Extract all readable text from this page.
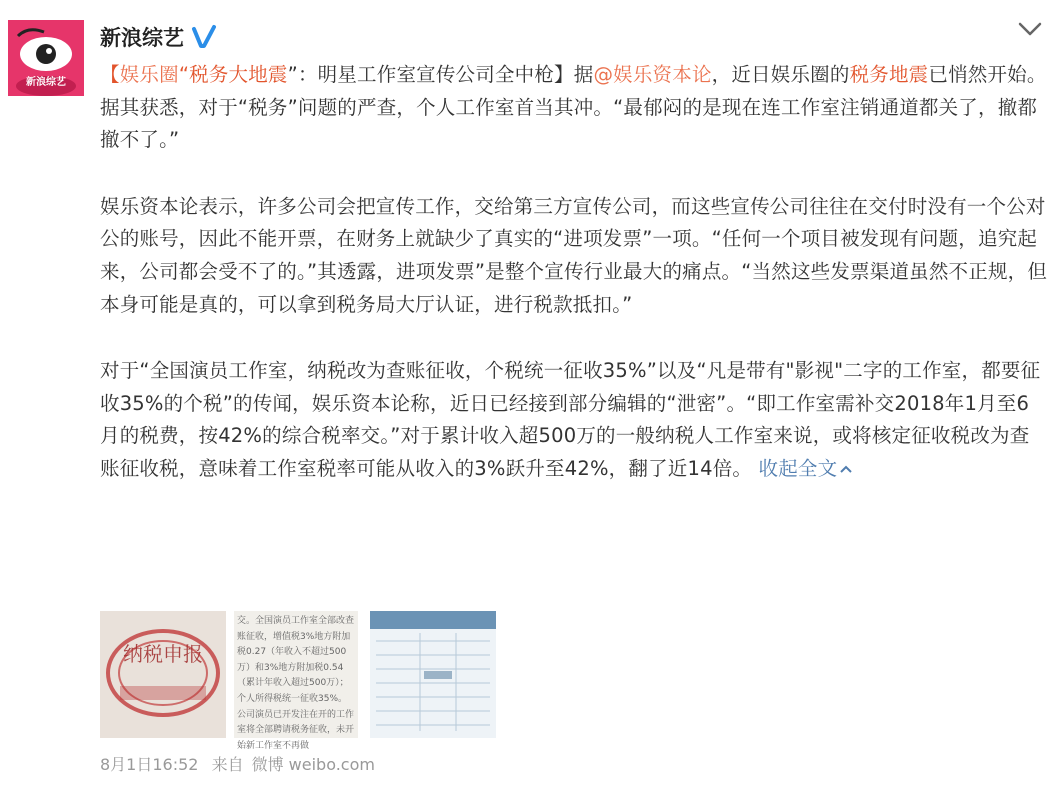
新浪综艺
新浪综艺

【娱乐圈“税务大地震”：明星工作室宣传公司全中枪】据@娱乐资本论，近日娱乐圈的税务地震已悄然开始。据其获悉，对于“税务”问题的严查，个人工作室首当其冲。“最郁闷的是现在连工作室注销通道都关了，撤都撤不了。”

娱乐资本论表示，许多公司会把宣传工作，交给第三方宣传公司，而这些宣传公司往往在交付时没有一个公对公的账号，因此不能开票，在财务上就缺少了真实的“进项发票”一项。“任何一个项目被发现有问题，追究起来，公司都会受不了的。”其透露，进项发票”是整个宣传行业最大的痛点。“当然这些发票渠道虽然不正规，但本身可能是真的，可以拿到税务局大厅认证，进行税款抵扣。”

对于“全国演员工作室，纳税改为查账征收，个税统一征收35%”以及“凡是带有"影视"二字的工作室，都要征收35%的个税”的传闻，娱乐资本论称，近日已经接到部分编辑的“泄密”。“即工作室需补交2018年1月至6月的税费，按42%的综合税率交。”对于累计收入超500万的一般纳税人工作室来说，或将核定征收税改为查账征收税，意味着工作室税率可能从收入的3%跃升至42%，翻了近14倍。 收起全文

纳税申报
交。全国演员工作室全部改查账征收，增值税3%地方附加税0.27（年收入不超过500万）和3%地方附加税0.54（累计年收入超过500万）；个人所得税统一征收35%。公司演员已开发注在开的工作室将全部聘请税务征收，未开始新工作室不再做
8月1日16:52 来自 微博 weibo.com
